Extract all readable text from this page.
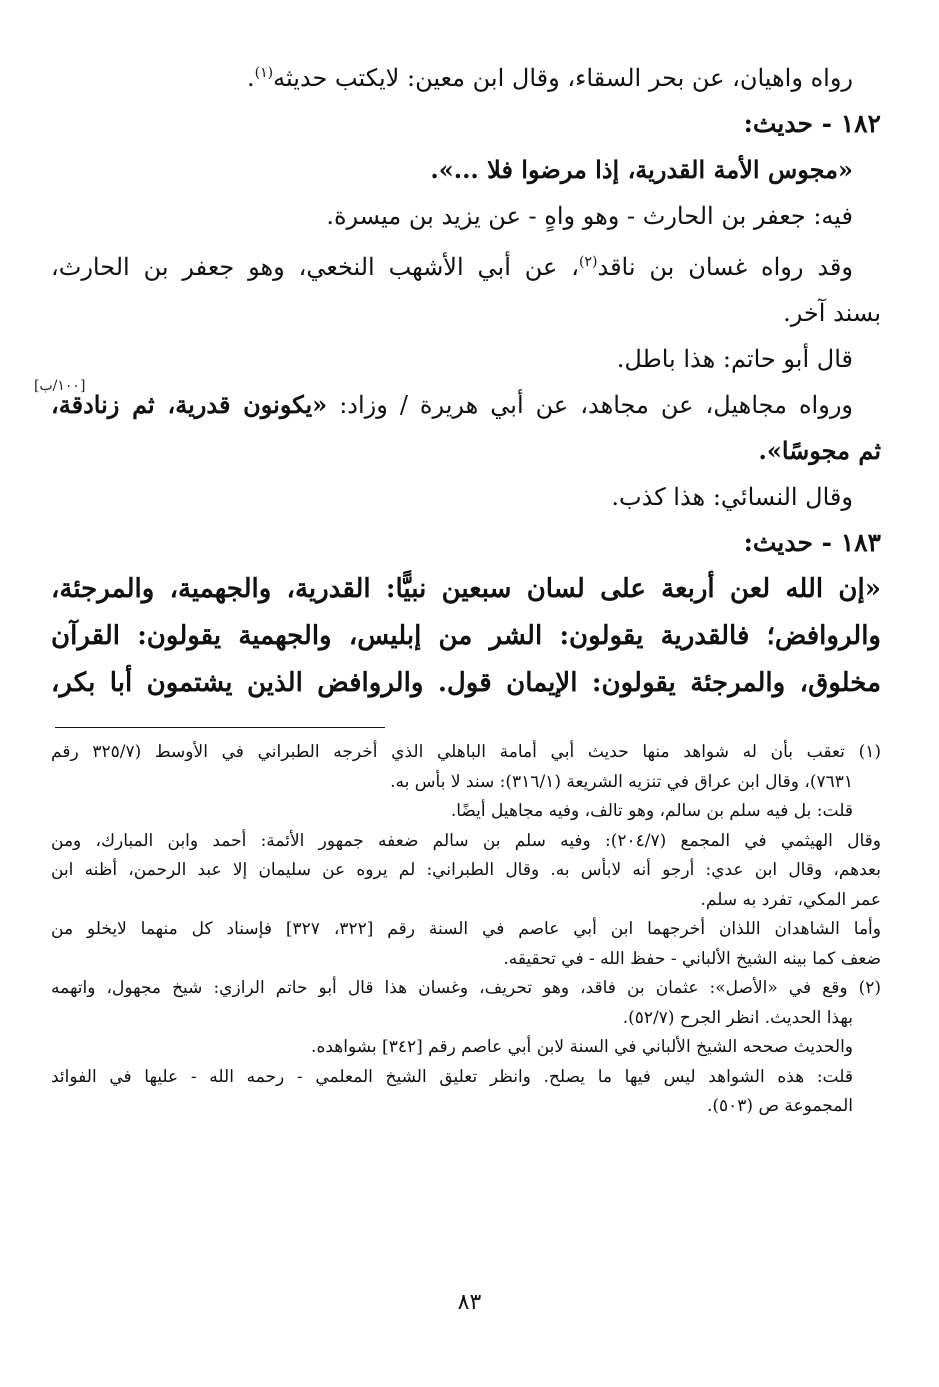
رواه واهيان، عن بحر السقاء، وقال ابن معين: لايكتب حديثه$^{(١)}$.
١٨٢ - حديث:
«مجوس الأمة القدرية، إذا مرضوا فلا ...».
فيه: جعفر بن الحارث - وهو واهٍ - عن يزيد بن ميسرة.
وقد رواه غسان بن ناقد$^{(٢)}$، عن أبي الأشهب النخعي، وهو جعفر بن الحارث،
بسند آخر.
قال أبو حاتم: هذا باطل.
ورواه مجاهيل، عن مجاهد، عن أبي هريرة / وزاد: «يكونون قدرية، ثم زنادقة،
ثم مجوسًا».
وقال النسائي: هذا كذب.
١٨٣ - حديث:
«إن الله لعن أربعة على لسان سبعين نبيًّا: القدرية، والجهمية، والمرجئة،
والروافض؛ فالقدرية يقولون: الشر من إبليس، والجهمية يقولون: القرآن
مخلوق، والمرجئة يقولون: الإيمان قول. والروافض الذين يشتمون أبا بكر،
[١٠٠/ب]
(١) تعقب بأن له شواهد منها حديث أبي أمامة الباهلي الذي أخرجه الطبراني في الأوسط (٣٢٥/٧ رقم
٧٦٣١)، وقال ابن عراق في تنزيه الشريعة (٣١٦/١): سند لا بأس به.
قلت: بل فيه سلم بن سالم، وهو تالف، وفيه مجاهيل أيضًا.
وقال الهيثمي في المجمع (٢٠٤/٧): وفيه سلم بن سالم ضعفه جمهور الأئمة: أحمد وابن المبارك، ومن
بعدهم، وقال ابن عدي: أرجو أنه لابأس به. وقال الطبراني: لم يروه عن سليمان إلا عبد الرحمن، أظنه ابن
عمر المكي، تفرد به سلم.
وأما الشاهدان اللذان أخرجهما ابن أبي عاصم في السنة رقم [٣٢٢، ٣٢٧] فإسناد كل منهما لايخلو من
ضعف كما بينه الشيخ الألباني - حفظ الله - في تحقيقه.
(٢) وقع في «الأصل»: عثمان بن فاقد، وهو تحريف، وغسان هذا قال أبو حاتم الرازي: شيخ مجهول، واتهمه
بهذا الحديث. انظر الجرح (٥٢/٧).
والحديث صححه الشيخ الألباني في السنة لابن أبي عاصم رقم [٣٤٢] بشواهده.
قلت: هذه الشواهد ليس فيها ما يصلح. وانظر تعليق الشيخ المعلمي - رحمه الله - عليها في الفوائد
المجموعة ص (٥٠٣).
٨٣
